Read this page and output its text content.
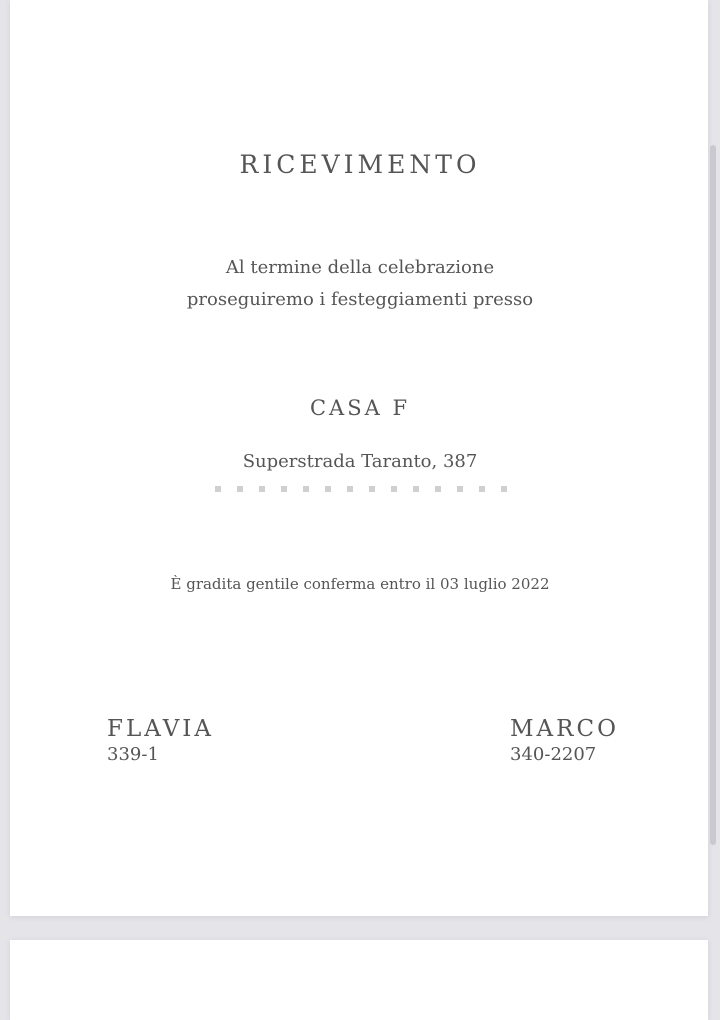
RICEVIMENTO
Al termine della celebrazione
proseguiremo i festeggiamenti presso
CASA F
Superstrada Taranto, 387
È gradita gentile conferma entro il 03 luglio 2022
FLAVIA
339-1
MARCO
340-2207
